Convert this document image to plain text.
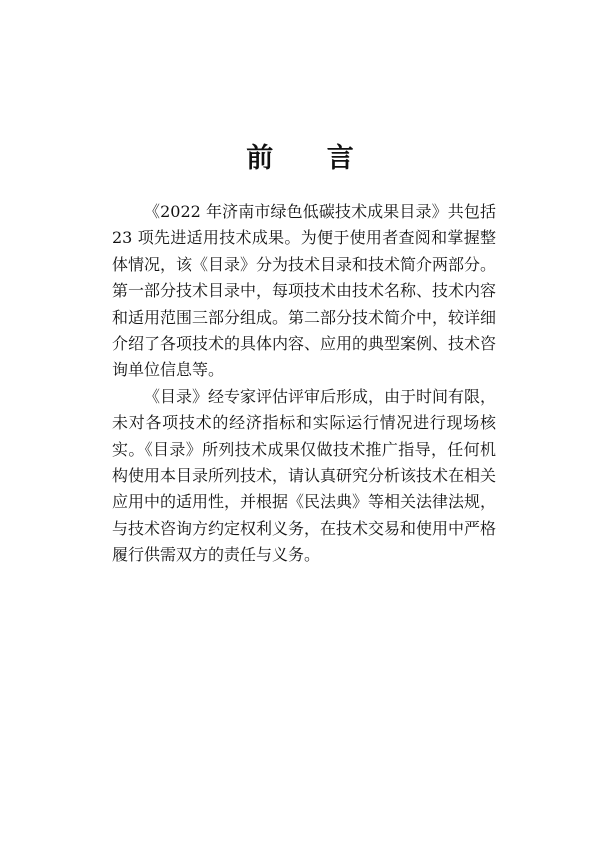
前 言

《2022 年济南市绿色低碳技术成果目录》共包括 23 项先进适用技术成果。为便于使用者查阅和掌握整体情况，该《目录》分为技术目录和技术简介两部分。第一部分技术目录中，每项技术由技术名称、技术内容和适用范围三部分组成。第二部分技术简介中，较详细介绍了各项技术的具体内容、应用的典型案例、技术咨询单位信息等。

《目录》经专家评估评审后形成，由于时间有限，未对各项技术的经济指标和实际运行情况进行现场核实。《目录》所列技术成果仅做技术推广指导，任何机构使用本目录所列技术，请认真研究分析该技术在相关应用中的适用性，并根据《民法典》等相关法律法规，与技术咨询方约定权利义务，在技术交易和使用中严格履行供需双方的责任与义务。
